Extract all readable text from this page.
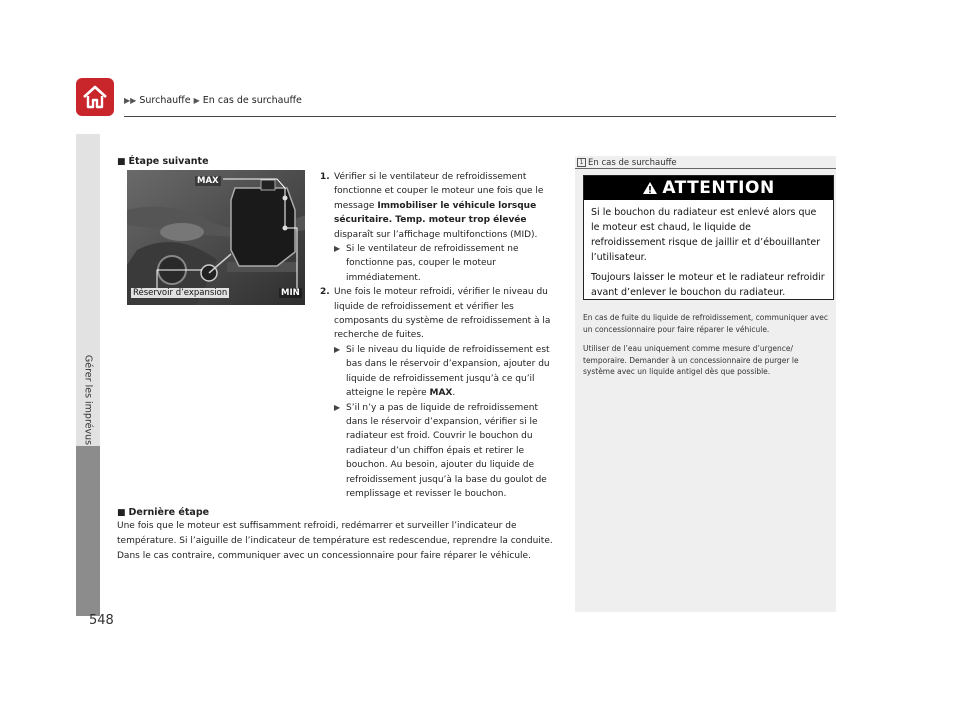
▶▶ Surchauffe ▶ En cas de surchauffe
Gérer les imprévus
548
■ Étape suivante
MAX
Réservoir d’expansion	MIN
1. Vérifier si le ventilateur de refroidissement fonctionne et couper le moteur une fois que le message Immobiliser le véhicule lorsque sécuritaire. Temp. moteur trop élevée disparaît sur l’affichage multifonctions (MID).
▶ Si le ventilateur de refroidissement ne fonctionne pas, couper le moteur immédiatement.
2. Une fois le moteur refroidi, vérifier le niveau du liquide de refroidissement et vérifier les composants du système de refroidissement à la recherche de fuites.
▶ Si le niveau du liquide de refroidissement est bas dans le réservoir d’expansion, ajouter du liquide de refroidissement jusqu’à ce qu’il atteigne le repère MAX.
▶ S’il n’y a pas de liquide de refroidissement dans le réservoir d’expansion, vérifier si le radiateur est froid. Couvrir le bouchon du radiateur d’un chiffon épais et retirer le bouchon. Au besoin, ajouter du liquide de refroidissement jusqu’à la base du goulot de remplissage et revisser le bouchon.
■ Dernière étape
Une fois que le moteur est suffisamment refroidi, redémarrer et surveiller l’indicateur de température. Si l’aiguille de l’indicateur de température est redescendue, reprendre la conduite. Dans le cas contraire, communiquer avec un concessionnaire pour faire réparer le véhicule.
1 En cas de surchauffe
ATTENTION

Si le bouchon du radiateur est enlevé alors que le moteur est chaud, le liquide de refroidissement risque de jaillir et d’ébouillanter l’utilisateur.

Toujours laisser le moteur et le radiateur refroidir avant d’enlever le bouchon du radiateur.

En cas de fuite du liquide de refroidissement, communiquer avec un concessionnaire pour faire réparer le véhicule.

Utiliser de l’eau uniquement comme mesure d’urgence/ temporaire. Demander à un concessionnaire de purger le système avec un liquide antigel dès que possible.
